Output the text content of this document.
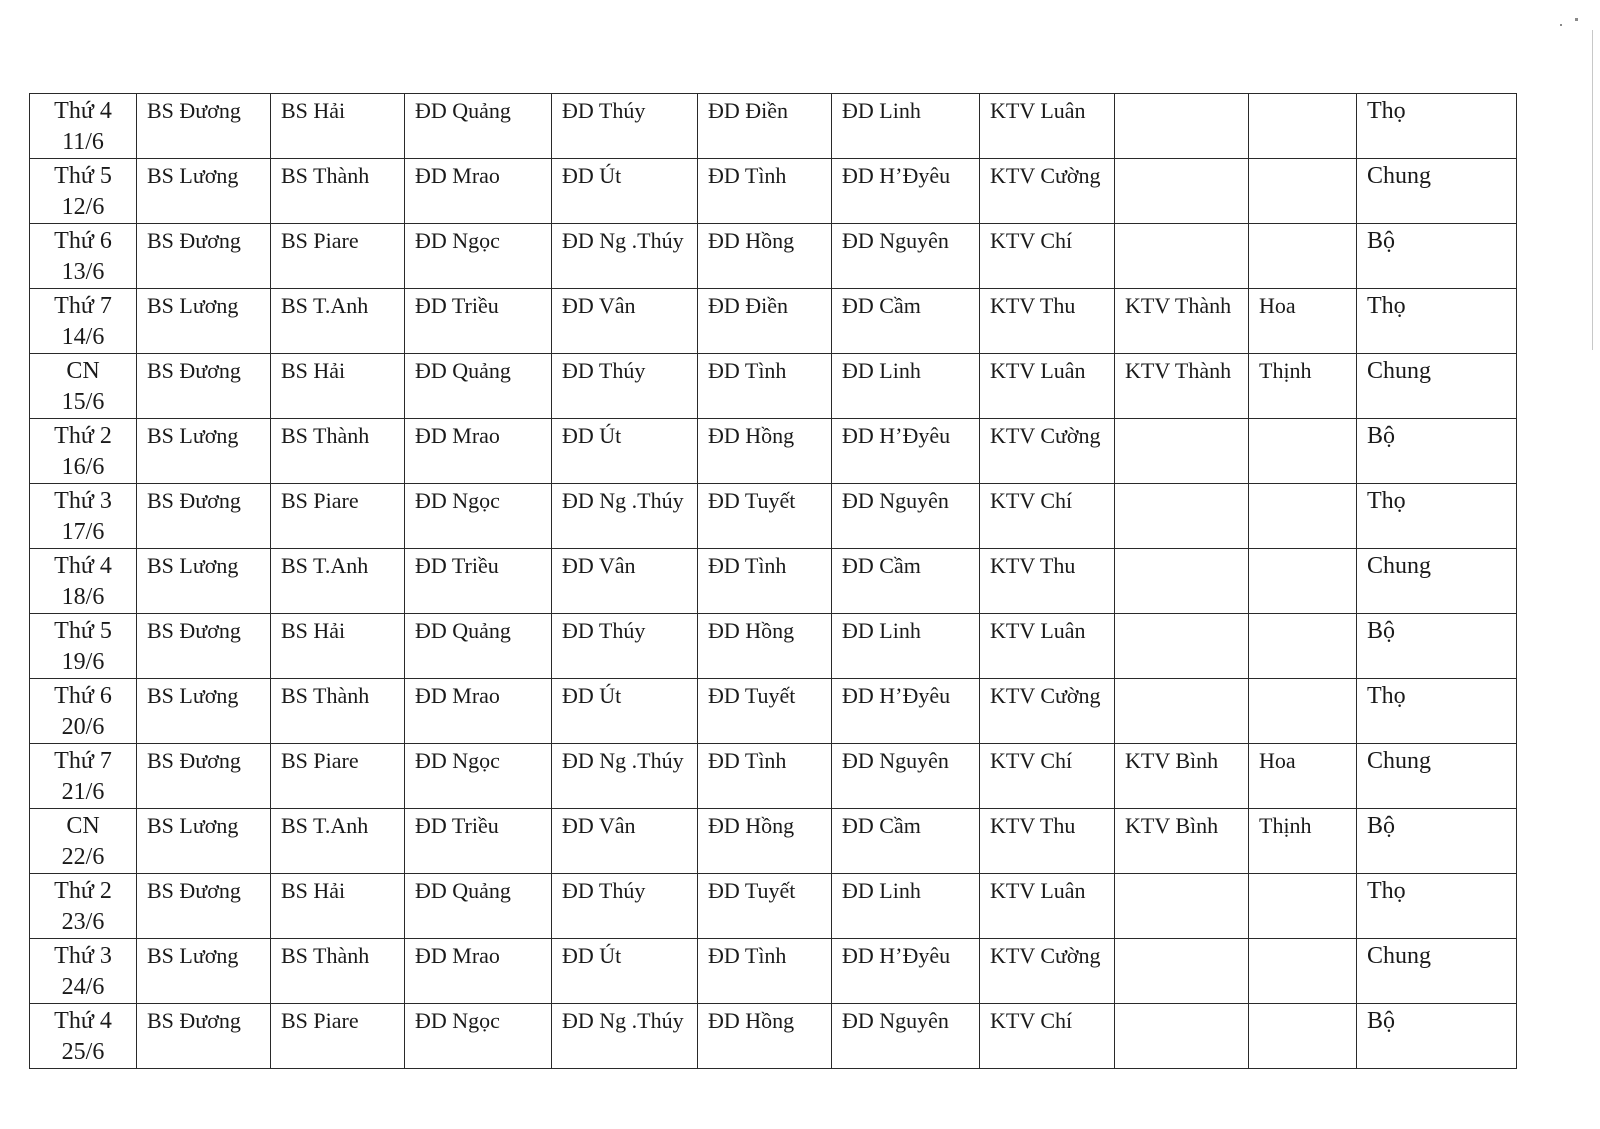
Thứ 4
11/6	BS Đương	BS Hải	ĐD Quảng	ĐD Thúy	ĐD Điền	ĐD Linh	KTV Luân			Thọ

Thứ 5
12/6	BS Lương	BS Thành	ĐD Mrao	ĐD Út	ĐD Tình	ĐD H’Đyêu	KTV Cường			Chung

Thứ 6
13/6	BS Đương	BS Piare	ĐD Ngọc	ĐD Ng .Thúy	ĐD Hồng	ĐD Nguyên	KTV Chí			Bộ

Thứ 7
14/6	BS Lương	BS T.Anh	ĐD Triều	ĐD Vân	ĐD Điền	ĐD Cầm	KTV Thu	KTV Thành	Hoa	Thọ

CN
15/6	BS Đương	BS Hải	ĐD Quảng	ĐD Thúy	ĐD Tình	ĐD Linh	KTV Luân	KTV Thành	Thịnh	Chung

Thứ 2
16/6	BS Lương	BS Thành	ĐD Mrao	ĐD Út	ĐD Hồng	ĐD H’Đyêu	KTV Cường			Bộ

Thứ 3
17/6	BS Đương	BS Piare	ĐD Ngọc	ĐD Ng .Thúy	ĐD Tuyết	ĐD Nguyên	KTV Chí			Thọ

Thứ 4
18/6	BS Lương	BS T.Anh	ĐD Triều	ĐD Vân	ĐD Tình	ĐD Cầm	KTV Thu			Chung

Thứ 5
19/6	BS Đương	BS Hải	ĐD Quảng	ĐD Thúy	ĐD Hồng	ĐD Linh	KTV Luân			Bộ

Thứ 6
20/6	BS Lương	BS Thành	ĐD Mrao	ĐD Út	ĐD Tuyết	ĐD H’Đyêu	KTV Cường			Thọ

Thứ 7
21/6	BS Đương	BS Piare	ĐD Ngọc	ĐD Ng .Thúy	ĐD Tình	ĐD Nguyên	KTV Chí	KTV Bình	Hoa	Chung

CN
22/6	BS Lương	BS T.Anh	ĐD Triều	ĐD Vân	ĐD Hồng	ĐD Cầm	KTV Thu	KTV Bình	Thịnh	Bộ

Thứ 2
23/6	BS Đương	BS Hải	ĐD Quảng	ĐD Thúy	ĐD Tuyết	ĐD Linh	KTV Luân			Thọ

Thứ 3
24/6	BS Lương	BS Thành	ĐD Mrao	ĐD Út	ĐD Tình	ĐD H’Đyêu	KTV Cường			Chung

Thứ 4
25/6	BS Đương	BS Piare	ĐD Ngọc	ĐD Ng .Thúy	ĐD Hồng	ĐD Nguyên	KTV Chí			Bộ
